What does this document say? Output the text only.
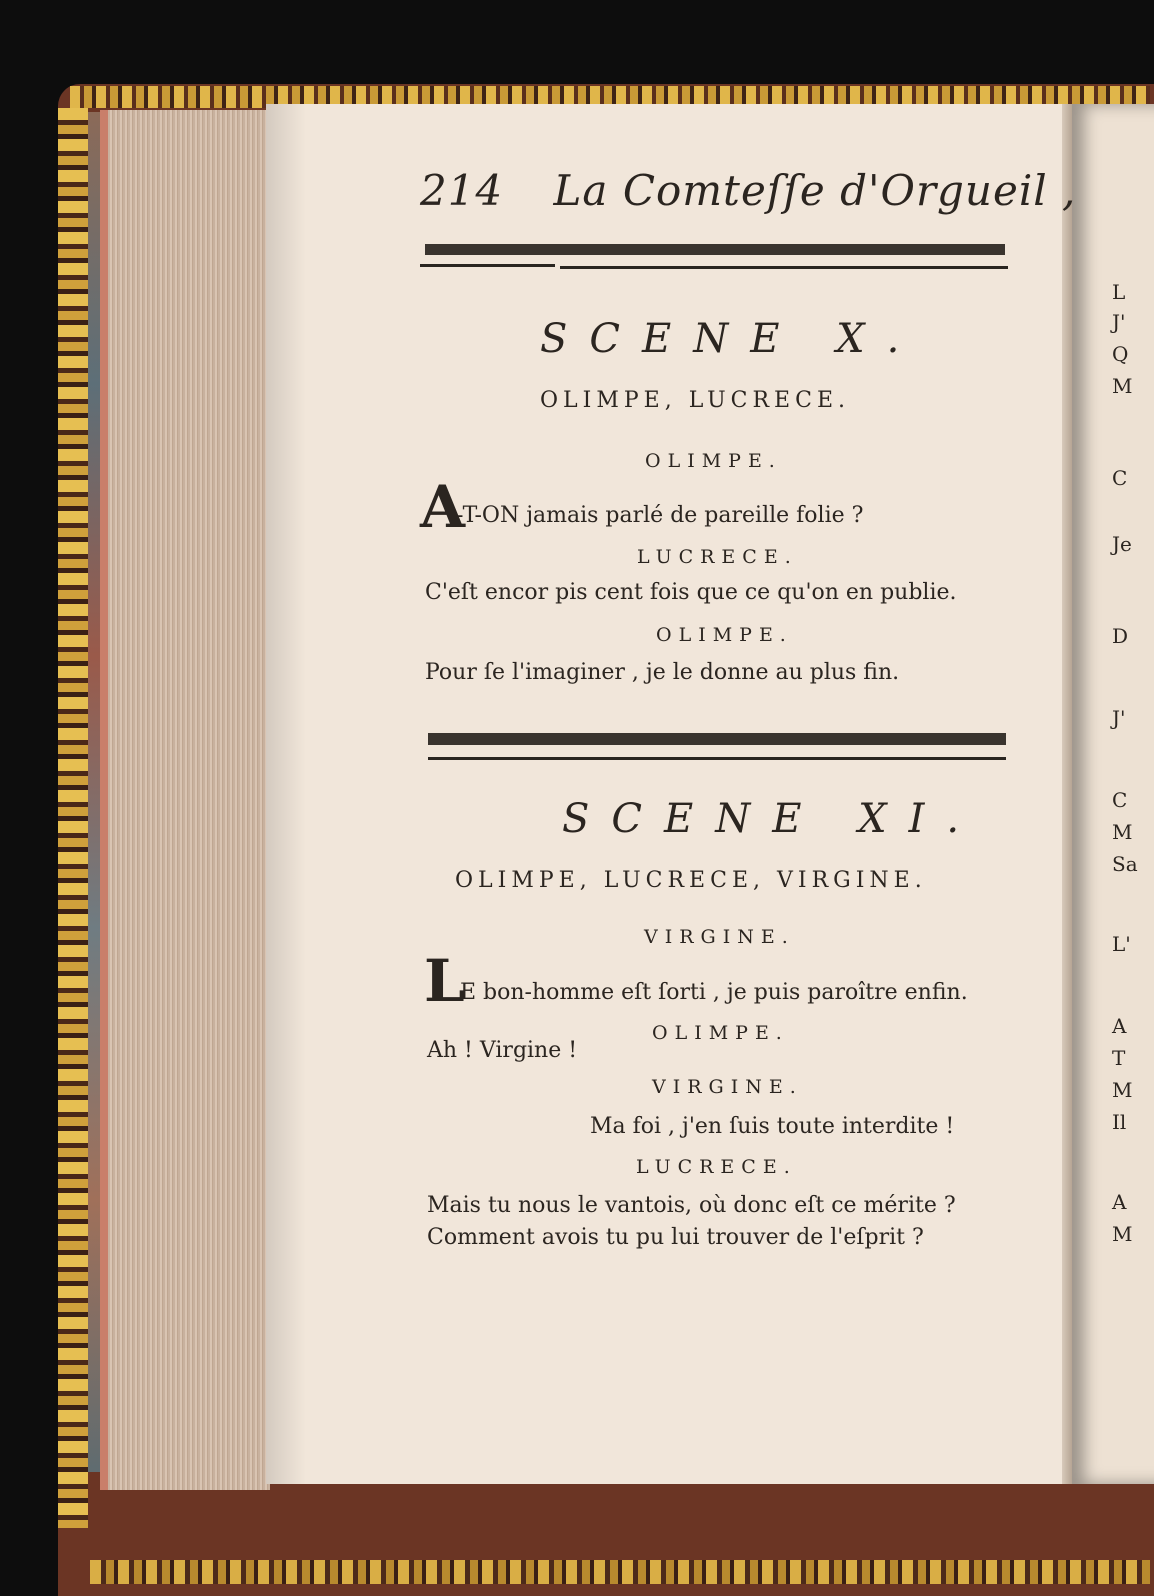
214 La Comteſſe d'Orgueil ,
SCENE X.
OLIMPE, LUCRECE.
OLIMPE.
A
-T-ON jamais parlé de pareille folie ?
LUCRECE.
C'eſt encor pis cent fois que ce qu'on en publie.
OLIMPE.
Pour ſe l'imaginer , je le donne au plus fin.
SCENE XI.
OLIMPE, LUCRECE, VIRGINE.
VIRGINE.
L
E bon-homme eſt ſorti , je puis paroître enfin.
OLIMPE.
Ah ! Virgine !
VIRGINE.
Ma foi , j'en ſuis toute interdite !
LUCRECE.
Mais tu nous le vantois, où donc eſt ce mérite ?
Comment avois tu pu lui trouver de l'eſprit ?
L
J'
Q
M
C
Je
D
J'
C
M
Sa
L'
A
T
M
Il
A
M
